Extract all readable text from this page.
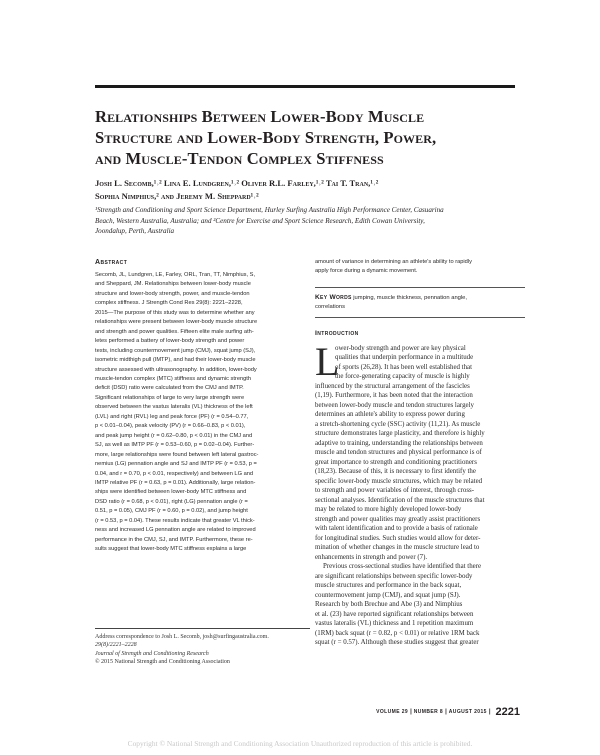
Relationships Between Lower-Body Muscle
Structure and Lower-Body Strength, Power,
and Muscle-Tendon Complex Stiffness
Josh L. Secomb,¹˒² Lina E. Lundgren,¹˒² Oliver R.L. Farley,¹˒² Tai T. Tran,¹˒²
Sophia Nimphius,² and Jeremy M. Sheppard¹˒²
¹Strength and Conditioning and Sport Science Department, Hurley Surfing Australia High Performance Center, Casuarina
Beach, Western Australia, Australia; and ²Centre for Exercise and Sport Science Research, Edith Cowan University,
Joondalup, Perth, Australia
Abstract
Secomb, JL, Lundgren, LE, Farley, ORL, Tran, TT, Nimphius, S,
and Sheppard, JM. Relationships between lower-body muscle
structure and lower-body strength, power, and muscle-tendon
complex stiffness. J Strength Cond Res 29(8): 2221–2228,
2015—The purpose of this study was to determine whether any
relationships were present between lower-body muscle structure
and strength and power qualities. Fifteen elite male surfing ath-
letes performed a battery of lower-body strength and power
tests, including countermovement jump (CMJ), squat jump (SJ),
isometric midthigh pull (IMTP), and had their lower-body muscle
structure assessed with ultrasonography. In addition, lower-body
muscle-tendon complex (MTC) stiffness and dynamic strength
deficit (DSD) ratio were calculated from the CMJ and IMTP.
Significant relationships of large to very large strength were
observed between the vastus lateralis (VL) thickness of the left
(LVL) and right (RVL) leg and peak force (PF) (r = 0.54–0.77,
p < 0.01–0.04), peak velocity (PV) (r = 0.66–0.83, p < 0.01),
and peak jump height (r = 0.62–0.80, p < 0.01) in the CMJ and
SJ, as well as IMTP PF (r = 0.53–0.60, p = 0.02–0.04). Further-
more, large relationships were found between left lateral gastroc-
nemius (LG) pennation angle and SJ and IMTP PF (r = 0.53, p =
0.04, and r = 0.70, p < 0.01, respectively) and between LG and
IMTP relative PF (r = 0.63, p = 0.01). Additionally, large relation-
ships were identified between lower-body MTC stiffness and
DSD ratio (r = 0.68, p < 0.01), right (LG) pennation angle (r =
0.51, p = 0.05), CMJ PF (r = 0.60, p = 0.02), and jump height
(r = 0.53, p = 0.04). These results indicate that greater VL thick-
ness and increased LG pennation angle are related to improved
performance in the CMJ, SJ, and IMTP. Furthermore, these re-
sults suggest that lower-body MTC stiffness explains a large
amount of variance in determining an athlete's ability to rapidly
apply force during a dynamic movement.
Key Words jumping, muscle thickness, pennation angle,
correlations
Introduction
L
ower-body strength and power are key physical
qualities that underpin performance in a multitude
of sports (26,28). It has been well established that
the force-generating capacity of muscle is highly
influenced by the structural arrangement of the fascicles
(1,19). Furthermore, it has been noted that the interaction
between lower-body muscle and tendon structures largely
determines an athlete's ability to express power during
a stretch-shortening cycle (SSC) activity (11,21). As muscle
structure demonstrates large plasticity, and therefore is highly
adaptive to training, understanding the relationships between
muscle and tendon structures and physical performance is of
great importance to strength and conditioning practitioners
(18,23). Because of this, it is necessary to first identify the
specific lower-body muscle structures, which may be related
to strength and power variables of interest, through cross-
sectional analyses. Identification of the muscle structures that
may be related to more highly developed lower-body
strength and power qualities may greatly assist practitioners
with talent identification and to provide a basis of rationale
for longitudinal studies. Such studies would allow for deter-
mination of whether changes in the muscle structure lead to
enhancements in strength and power (7).
Previous cross-sectional studies have identified that there
are significant relationships between specific lower-body
muscle structures and performance in the back squat,
countermovement jump (CMJ), and squat jump (SJ).
Research by both Brechue and Abe (3) and Nimphius
et al. (23) have reported significant relationships between
vastus lateralis (VL) thickness and 1 repetition maximum
(1RM) back squat (r = 0.82, p < 0.01) or relative 1RM back
squat (r = 0.57). Although these studies suggest that greater
Address correspondence to Josh L. Secomb, josh@surfingaustralia.com.
29(8)/2221–2228
Journal of Strength and Conditioning Research
© 2015 National Strength and Conditioning Association
VOLUME 29 | NUMBER 8 | AUGUST 2015 | 2221
Copyright © National Strength and Conditioning Association Unauthorized reproduction of this article is prohibited.
